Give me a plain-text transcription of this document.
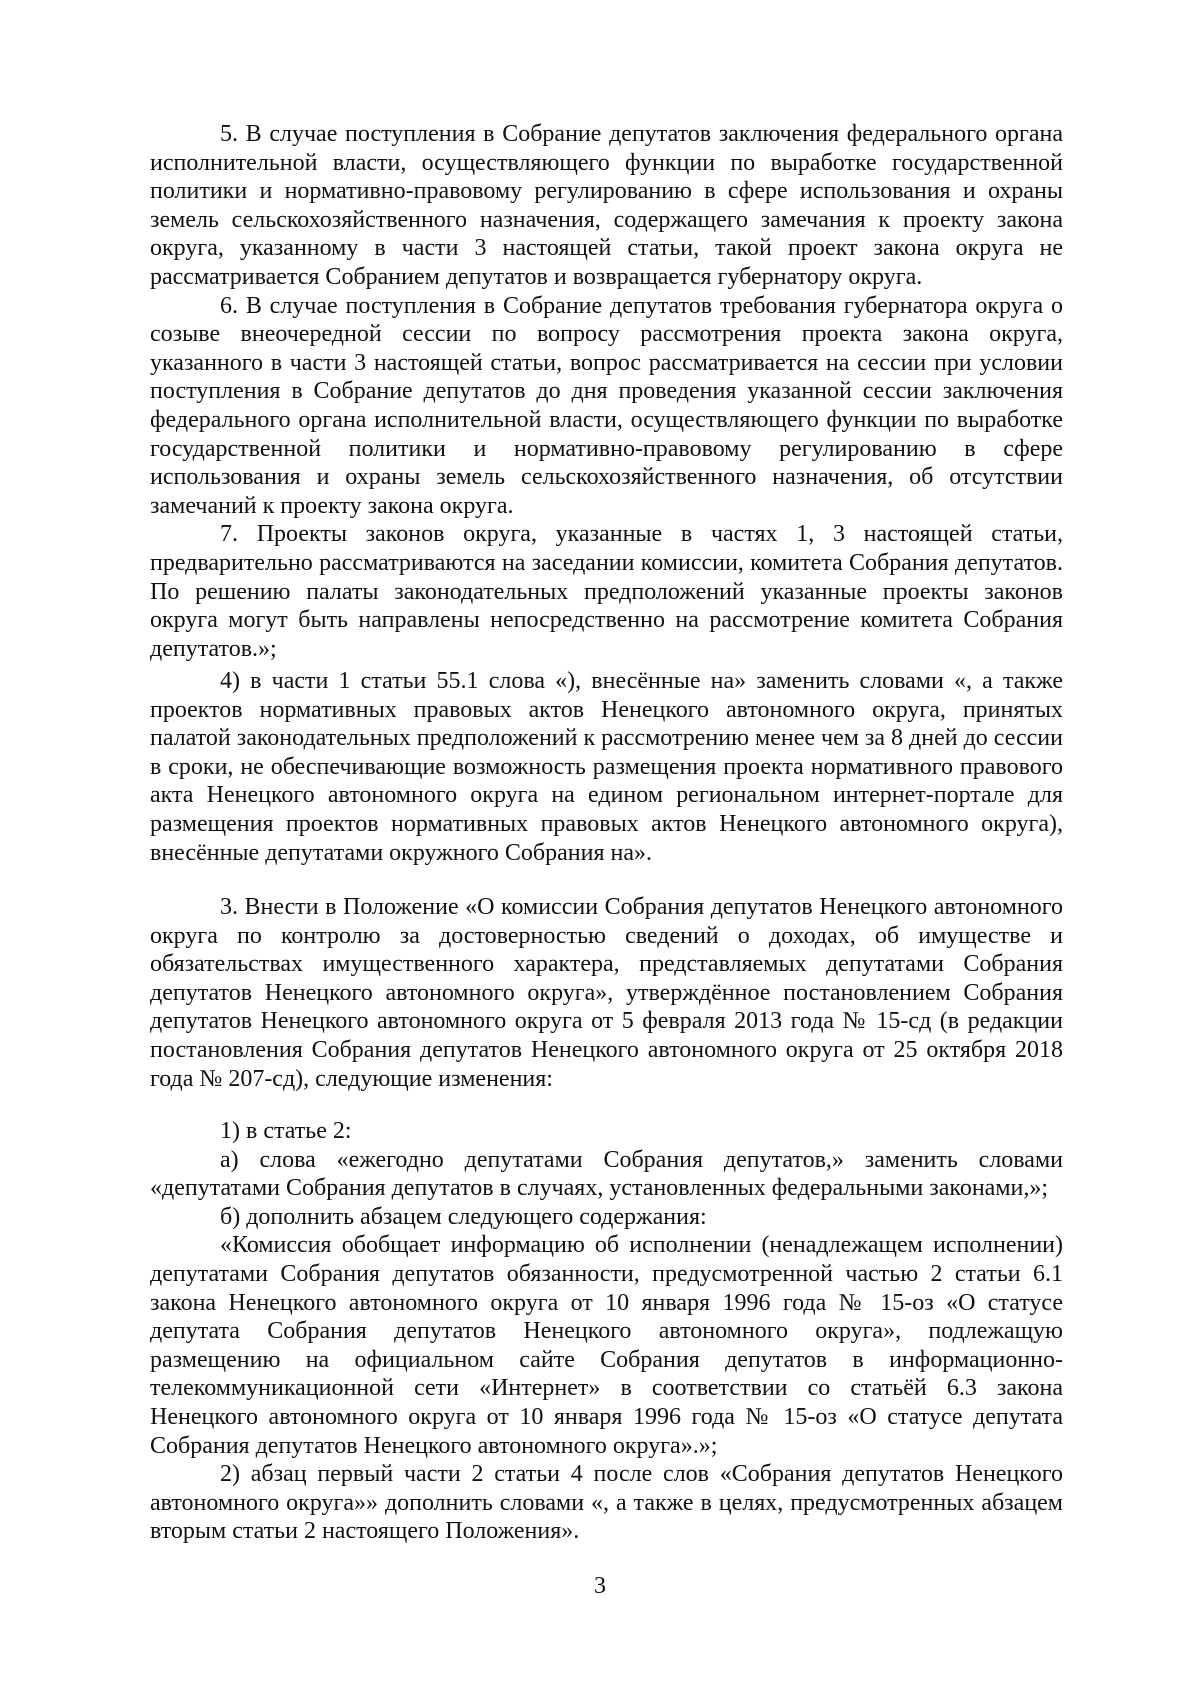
5. В случае поступления в Собрание депутатов заключения федерального органа исполнительной власти, осуществляющего функции по выработке государственной политики и нормативно-правовому регулированию в сфере использования и охраны земель сельскохозяйственного назначения, содержащего замечания к проекту закона округа, указанному в части 3 настоящей статьи, такой проект закона округа не рассматривается Собранием депутатов и возвращается губернатору округа.

6. В случае поступления в Собрание депутатов требования губернатора округа о созыве внеочередной сессии по вопросу рассмотрения проекта закона округа, указанного в части 3 настоящей статьи, вопрос рассматривается на сессии при условии поступления в Собрание депутатов до дня проведения указанной сессии заключения федерального органа исполнительной власти, осуществляющего функции по выработке государственной политики и нормативно-правовому регулированию в сфере использования и охраны земель сельскохозяйственного назначения, об отсутствии замечаний к проекту закона округа.

7. Проекты законов округа, указанные в частях 1, 3 настоящей статьи, предварительно рассматриваются на заседании комиссии, комитета Собрания депутатов. По решению палаты законодательных предположений указанные проекты законов округа могут быть направлены непосредственно на рассмотрение комитета Собрания депутатов.»;

4) в части 1 статьи 55.1 слова «), внесённые на» заменить словами «, а также проектов нормативных правовых актов Ненецкого автономного округа, принятых палатой законодательных предположений к рассмотрению менее чем за 8 дней до сессии в сроки, не обеспечивающие возможность размещения проекта нормативного правового акта Ненецкого автономного округа на едином региональном интернет-портале для размещения проектов нормативных правовых актов Ненецкого автономного округа), внесённые депутатами окружного Собрания на».

3. Внести в Положение «О комиссии Собрания депутатов Ненецкого автономного округа по контролю за достоверностью сведений о доходах, об имуществе и обязательствах имущественного характера, представляемых депутатами Собрания депутатов Ненецкого автономного округа», утверждённое постановлением Собрания депутатов Ненецкого автономного округа от 5 февраля 2013 года № 15-сд (в редакции постановления Собрания депутатов Ненецкого автономного округа от 25 октября 2018 года № 207-сд), следующие изменения:

1) в статье 2:

а) слова «ежегодно депутатами Собрания депутатов,» заменить словами «депутатами Собрания депутатов в случаях, установленных федеральными законами,»;

б) дополнить абзацем следующего содержания:

«Комиссия обобщает информацию об исполнении (ненадлежащем исполнении) депутатами Собрания депутатов обязанности, предусмотренной частью 2 статьи 6.1 закона Ненецкого автономного округа от 10 января 1996 года № 15-оз «О статусе депутата Собрания депутатов Ненецкого автономного округа», подлежащую размещению на официальном сайте Собрания депутатов в информационно-телекоммуникационной сети «Интернет» в соответствии со статьёй 6.3 закона Ненецкого автономного округа от 10 января 1996 года № 15-оз «О статусе депутата Собрания депутатов Ненецкого автономного округа».»;

2) абзац первый части 2 статьи 4 после слов «Собрания депутатов Ненецкого автономного округа»» дополнить словами «, а также в целях, предусмотренных абзацем вторым статьи 2 настоящего Положения».

3
